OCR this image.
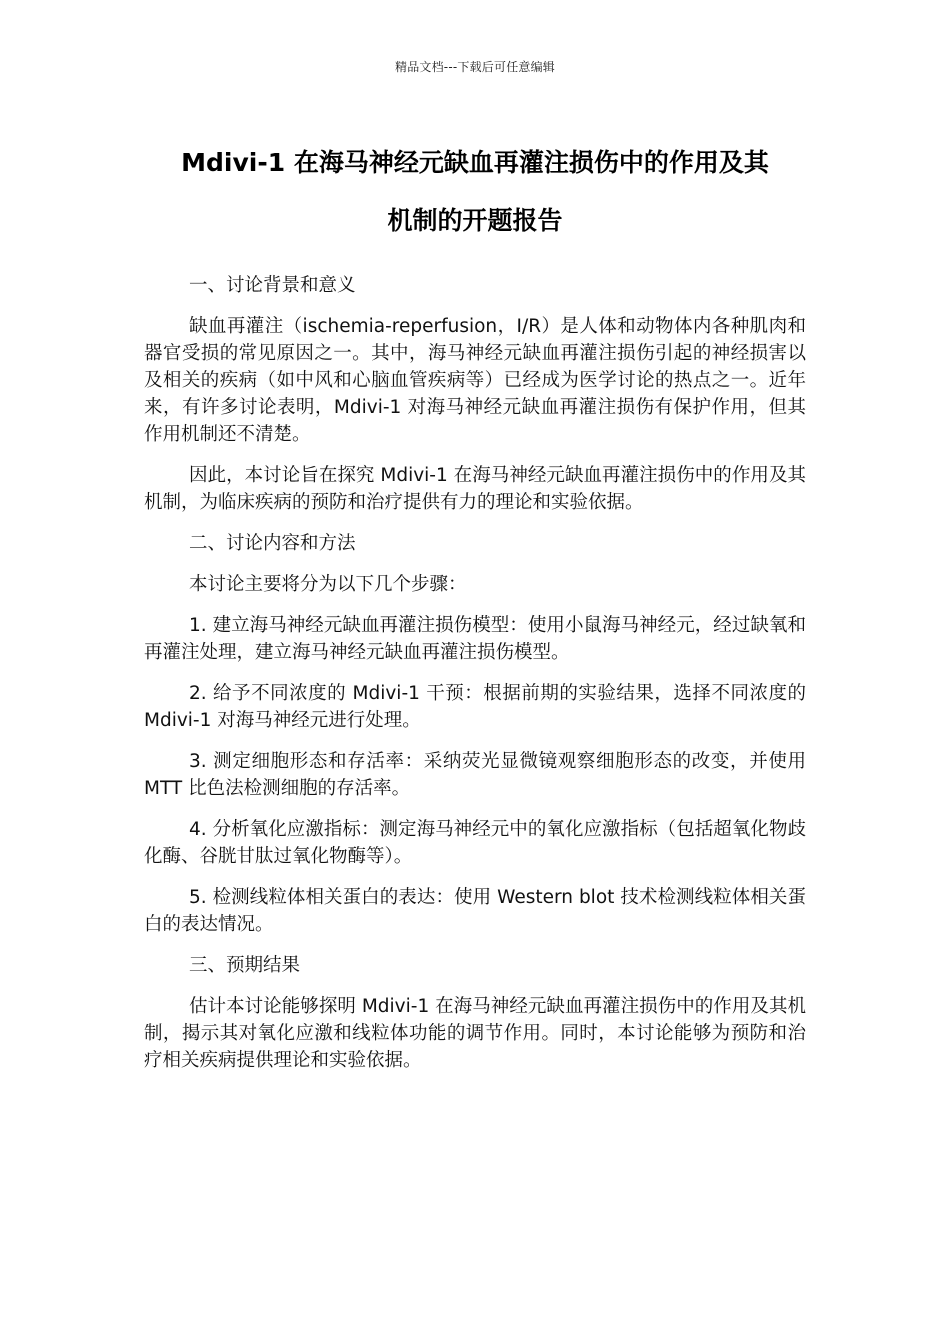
精品文档---下载后可任意编辑
Mdivi-1 在海马神经元缺血再灌注损伤中的作用及其
机制的开题报告

一、讨论背景和意义

缺血再灌注（ischemia-reperfusion，I/R）是人体和动物体内各种肌肉和器官受损的常见原因之一。其中，海马神经元缺血再灌注损伤引起的神经损害以及相关的疾病（如中风和心脑血管疾病等）已经成为医学讨论的热点之一。近年来，有许多讨论表明，Mdivi-1 对海马神经元缺血再灌注损伤有保护作用，但其作用机制还不清楚。

因此，本讨论旨在探究 Mdivi-1 在海马神经元缺血再灌注损伤中的作用及其机制，为临床疾病的预防和治疗提供有力的理论和实验依据。

二、讨论内容和方法

本讨论主要将分为以下几个步骤：

1. 建立海马神经元缺血再灌注损伤模型：使用小鼠海马神经元，经过缺氧和再灌注处理，建立海马神经元缺血再灌注损伤模型。

2. 给予不同浓度的 Mdivi-1 干预：根据前期的实验结果，选择不同浓度的 Mdivi-1 对海马神经元进行处理。

3. 测定细胞形态和存活率：采纳荧光显微镜观察细胞形态的改变，并使用 MTT 比色法检测细胞的存活率。

4. 分析氧化应激指标：测定海马神经元中的氧化应激指标（包括超氧化物歧化酶、谷胱甘肽过氧化物酶等）。

5. 检测线粒体相关蛋白的表达：使用 Western blot 技术检测线粒体相关蛋白的表达情况。

三、预期结果

估计本讨论能够探明 Mdivi-1 在海马神经元缺血再灌注损伤中的作用及其机制，揭示其对氧化应激和线粒体功能的调节作用。同时，本讨论能够为预防和治疗相关疾病提供理论和实验依据。
